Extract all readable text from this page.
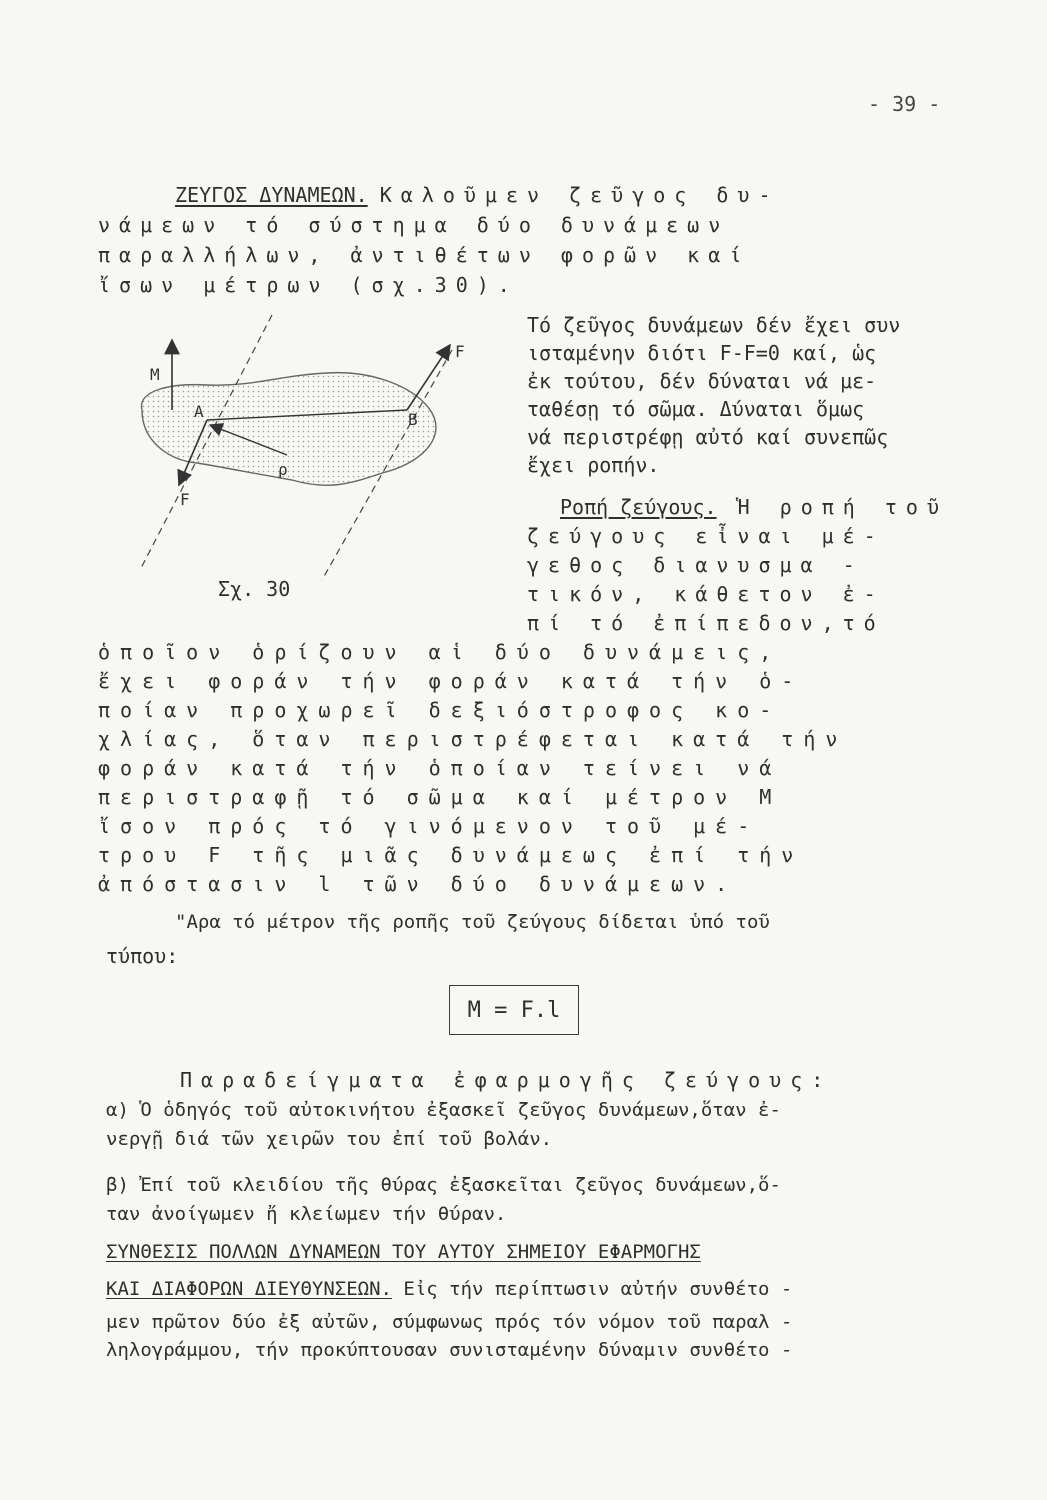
- 39 -
ΖΕΥΓΟΣ ΔΥΝΑΜΕΩΝ. Καλοῦμεν ζεῦγος δυ-
νάμεων τό σύστημα δύο δυνάμεων
παραλλήλων, ἀντιθέτων φορῶν καί
ἴσων μέτρων (σχ.30).
M
A	B
F
F
ρ
Σχ. 30
Τό ζεῦγος δυνάμεων δέν ἔχει συν
ισταμένην διότι F-F=0 καί, ὡς
ἐκ τούτου, δέν δύναται νά με-
ταθέσῃ τό σῶμα. Δύναται ὅμως
νά περιστρέφῃ αὐτό καί συνεπῶς
ἔχει ροπήν.
Ροπή ζεύγους. Ἡ ροπή τοῦ
ζεύγους εἶναι μέ-
γεθος διανυσμα -
τικόν, κάθετον ἐ-
πί τό ἐπίπεδον,τό
ὁποῖον ὁρίζουν αἱ δύο δυνάμεις,
ἔχει φοράν τήν φοράν κατά τήν ὁ-
ποίαν προχωρεῖ δεξιόστροφος κο-
χλίας, ὅταν περιστρέφεται κατά τήν
φοράν κατά τήν ὁποίαν τείνει νά
περιστραφῇ τό σῶμα καί μέτρον Μ
ἴσον πρός τό γινόμενον τοῦ μέ-
τρου F τῆς μιᾶς δυνάμεως ἐπί τήν
ἀπόστασιν l τῶν δύο δυνάμεων.
"Αρα τό μέτρον τῆς ροπῆς τοῦ ζεύγους δίδεται ὑπό τοῦ
τύπου:
M = F.l
Παραδείγματα ἐφαρμογῆς ζεύγους:
α) Ὁ ὁδηγός τοῦ αὐτοκινήτου ἐξασκεῖ ζεῦγος δυνάμεων,ὅταν ἐ-
νεργῇ διά τῶν χειρῶν του ἐπί τοῦ βολάν.
β) Ἐπί τοῦ κλειδίου τῆς θύρας ἐξασκεῖται ζεῦγος δυνάμεων,ὅ-
ταν ἀνοίγωμεν ἤ κλείωμεν τήν θύραν.
ΣΥΝΘΕΣΙΣ ΠΟΛΛΩΝ ΔΥΝΑΜΕΩΝ ΤΟΥ ΑΥΤΟΥ ΣΗΜΕΙΟΥ ΕΦΑΡΜΟΓΗΣ
ΚΑΙ ΔΙΑΦΟΡΩΝ ΔΙΕΥΘΥΝΣΕΩΝ. Εἰς τήν περίπτωσιν αὐτήν συνθέτο -
μεν πρῶτον δύο ἐξ αὐτῶν, σύμφωνως πρός τόν νόμον τοῦ παραλ -
ληλογράμμου, τήν προκύπτουσαν συνισταμένην δύναμιν συνθέτο -
